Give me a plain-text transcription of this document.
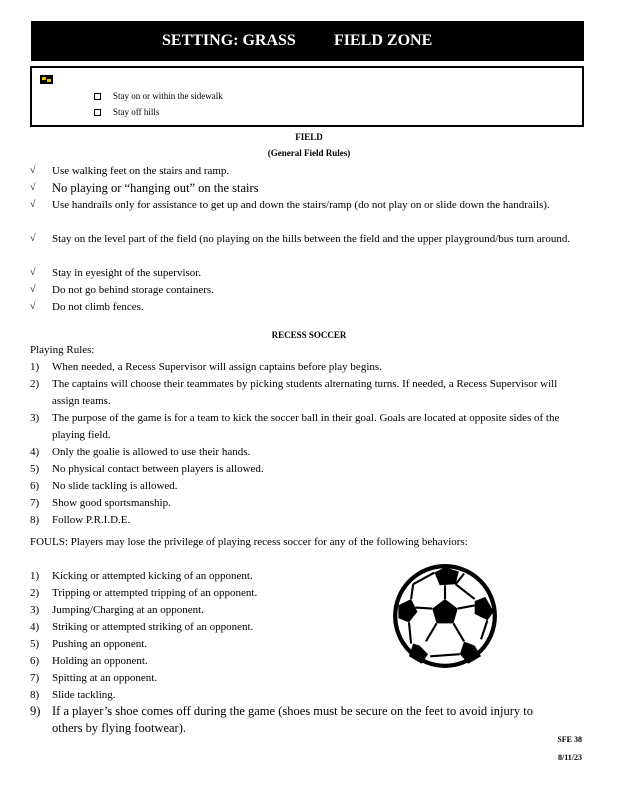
SETTING: GRASS FIELD ZONE
Stay on or within the sidewalk
Stay off hills
FIELD
(General Field Rules)
√ Use walking feet on the stairs and ramp.
√ No playing or “hanging out” on the stairs
√ Use handrails only for assistance to get up and down the stairs/ramp (do not play on or slide down the handrails).
√ Stay on the level part of the field (no playing on the hills between the field and the upper playground/bus turn around.
√ Stay in eyesight of the supervisor.
√ Do not go behind storage containers.
√ Do not climb fences.
RECESS SOCCER
Playing Rules:
1) When needed, a Recess Supervisor will assign captains before play begins.
2) The captains will choose their teammates by picking students alternating turns. If needed, a Recess Supervisor will assign teams.
3) The purpose of the game is for a team to kick the soccer ball in their goal. Goals are located at opposite sides of the playing field.
4) Only the goalie is allowed to use their hands.
5) No physical contact between players is allowed.
6) No slide tackling is allowed.
7) Show good sportsmanship.
8) Follow P.R.I.D.E.
FOULS: Players may lose the privilege of playing recess soccer for any of the following behaviors:
1) Kicking or attempted kicking of an opponent.
2) Tripping or attempted tripping of an opponent.
3) Jumping/Charging at an opponent.
4) Striking or attempted striking of an opponent.
5) Pushing an opponent.
6) Holding an opponent.
7) Spitting at an opponent.
8) Slide tackling.
9) If a player’s shoe comes off during the game (shoes must be secure on the feet to avoid injury to others by flying footwear).
SFE 38
8/11/23
